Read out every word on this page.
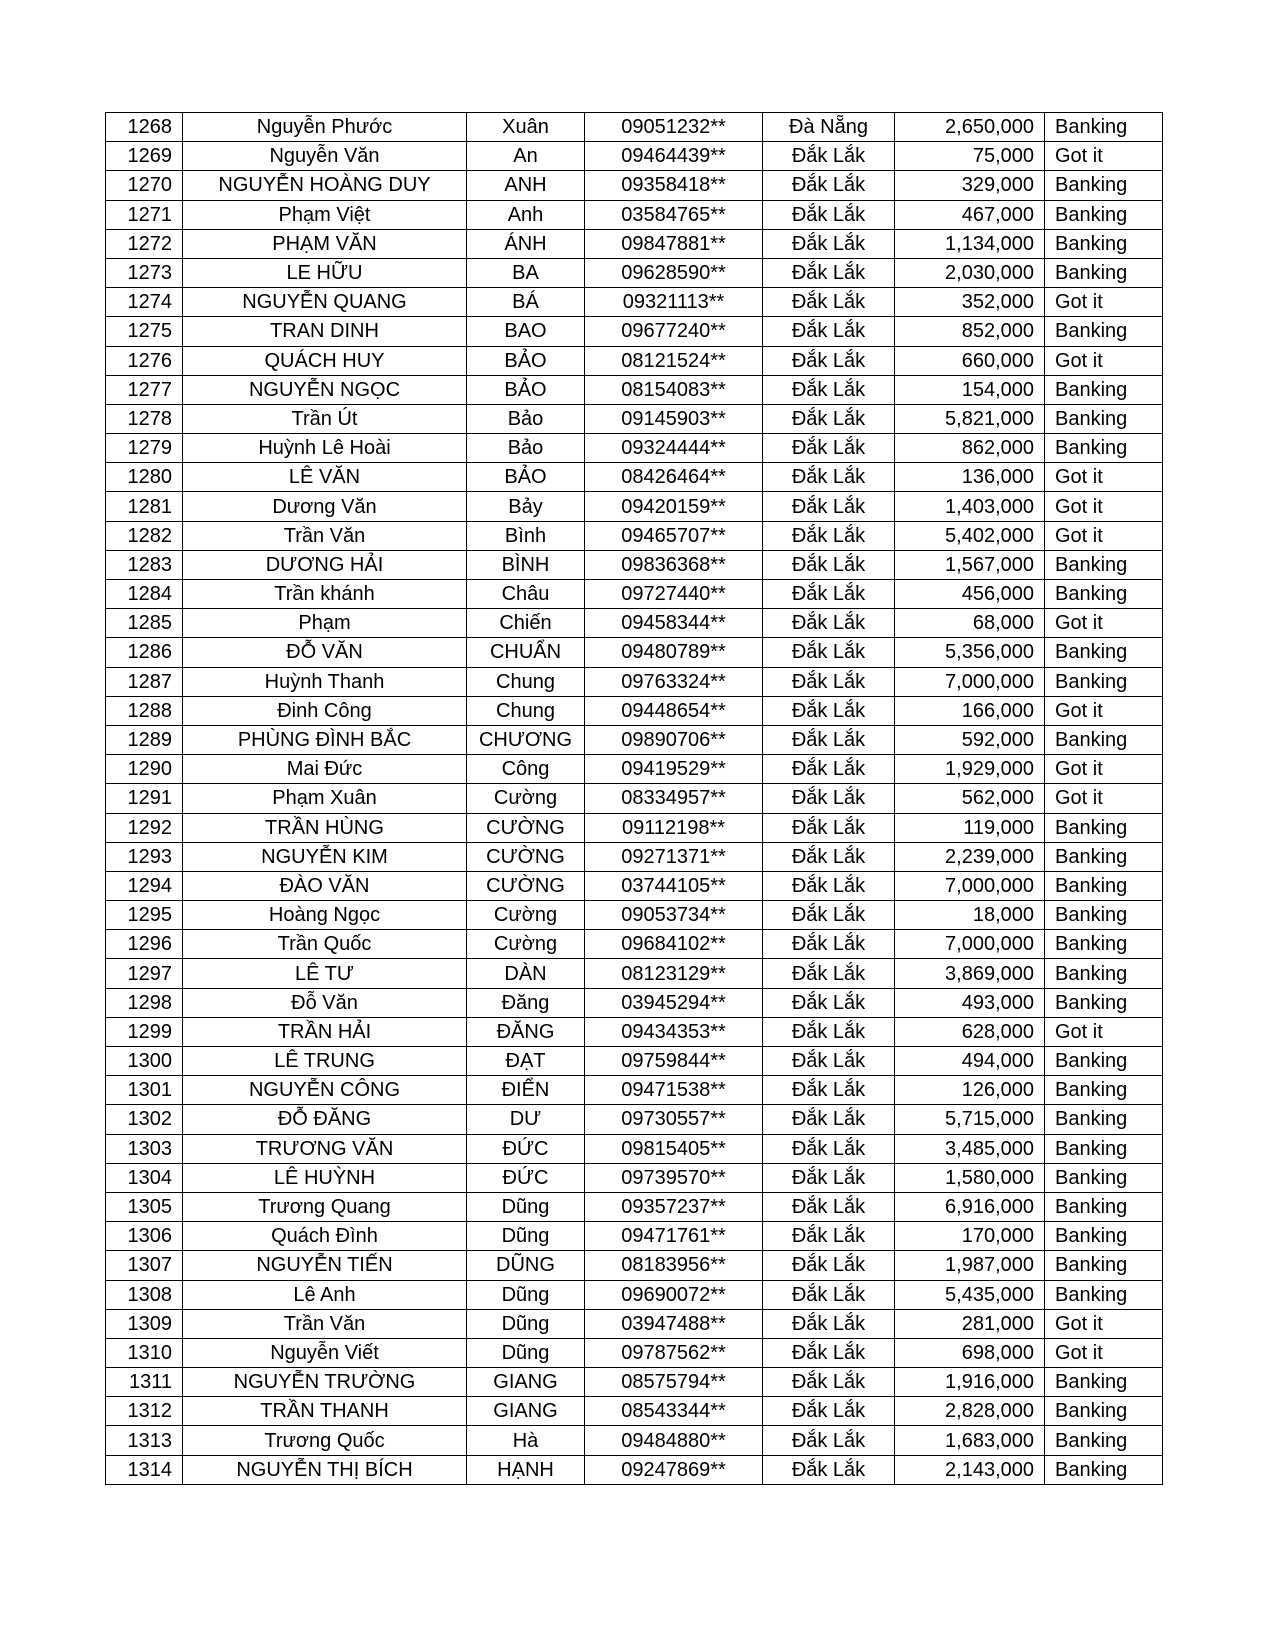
1268	Nguyễn Phước	Xuân	09051232**	Đà Nẵng	2,650,000	Banking
1269	Nguyễn Văn	An	09464439**	Đắk Lắk	75,000	Got it
1270	NGUYỄN HOÀNG DUY	ANH	09358418**	Đắk Lắk	329,000	Banking
1271	Phạm Việt	Anh	03584765**	Đắk Lắk	467,000	Banking
1272	PHẠM VĂN	ÁNH	09847881**	Đắk Lắk	1,134,000	Banking
1273	LE HỮU	BA	09628590**	Đắk Lắk	2,030,000	Banking
1274	NGUYỄN QUANG	BÁ	09321113**	Đắk Lắk	352,000	Got it
1275	TRAN DINH	BAO	09677240**	Đắk Lắk	852,000	Banking
1276	QUÁCH HUY	BẢO	08121524**	Đắk Lắk	660,000	Got it
1277	NGUYỄN NGỌC	BẢO	08154083**	Đắk Lắk	154,000	Banking
1278	Trần Út	Bảo	09145903**	Đắk Lắk	5,821,000	Banking
1279	Huỳnh Lê Hoài	Bảo	09324444**	Đắk Lắk	862,000	Banking
1280	LÊ VĂN	BẢO	08426464**	Đắk Lắk	136,000	Got it
1281	Dương Văn	Bảy	09420159**	Đắk Lắk	1,403,000	Got it
1282	Trần Văn	Bình	09465707**	Đắk Lắk	5,402,000	Got it
1283	DƯƠNG HẢI	BÌNH	09836368**	Đắk Lắk	1,567,000	Banking
1284	Trần khánh	Châu	09727440**	Đắk Lắk	456,000	Banking
1285	Phạm	Chiến	09458344**	Đắk Lắk	68,000	Got it
1286	ĐỖ VĂN	CHUẨN	09480789**	Đắk Lắk	5,356,000	Banking
1287	Huỳnh Thanh	Chung	09763324**	Đắk Lắk	7,000,000	Banking
1288	Đinh Công	Chung	09448654**	Đắk Lắk	166,000	Got it
1289	PHÙNG ĐÌNH BẮC	CHƯƠNG	09890706**	Đắk Lắk	592,000	Banking
1290	Mai Đức	Công	09419529**	Đắk Lắk	1,929,000	Got it
1291	Phạm Xuân	Cường	08334957**	Đắk Lắk	562,000	Got it
1292	TRẦN HÙNG	CƯỜNG	09112198**	Đắk Lắk	119,000	Banking
1293	NGUYỄN KIM	CƯỜNG	09271371**	Đắk Lắk	2,239,000	Banking
1294	ĐÀO VĂN	CƯỜNG	03744105**	Đắk Lắk	7,000,000	Banking
1295	Hoàng Ngọc	Cường	09053734**	Đắk Lắk	18,000	Banking
1296	Trần Quốc	Cường	09684102**	Đắk Lắk	7,000,000	Banking
1297	LÊ TƯ	DÀN	08123129**	Đắk Lắk	3,869,000	Banking
1298	Đỗ Văn	Đăng	03945294**	Đắk Lắk	493,000	Banking
1299	TRẦN HẢI	ĐĂNG	09434353**	Đắk Lắk	628,000	Got it
1300	LÊ TRUNG	ĐẠT	09759844**	Đắk Lắk	494,000	Banking
1301	NGUYỄN CÔNG	ĐIỂN	09471538**	Đắk Lắk	126,000	Banking
1302	ĐỖ ĐĂNG	DƯ	09730557**	Đắk Lắk	5,715,000	Banking
1303	TRƯƠNG VĂN	ĐỨC	09815405**	Đắk Lắk	3,485,000	Banking
1304	LÊ HUỲNH	ĐỨC	09739570**	Đắk Lắk	1,580,000	Banking
1305	Trương Quang	Dũng	09357237**	Đắk Lắk	6,916,000	Banking
1306	Quách Đình	Dũng	09471761**	Đắk Lắk	170,000	Banking
1307	NGUYỄN TIẾN	DŨNG	08183956**	Đắk Lắk	1,987,000	Banking
1308	Lê Anh	Dũng	09690072**	Đắk Lắk	5,435,000	Banking
1309	Trần Văn	Dũng	03947488**	Đắk Lắk	281,000	Got it
1310	Nguyễn Viết	Dũng	09787562**	Đắk Lắk	698,000	Got it
1311	NGUYỄN TRƯỜNG	GIANG	08575794**	Đắk Lắk	1,916,000	Banking
1312	TRẦN THANH	GIANG	08543344**	Đắk Lắk	2,828,000	Banking
1313	Trương Quốc	Hà	09484880**	Đắk Lắk	1,683,000	Banking
1314	NGUYỄN THỊ BÍCH	HẠNH	09247869**	Đắk Lắk	2,143,000	Banking
